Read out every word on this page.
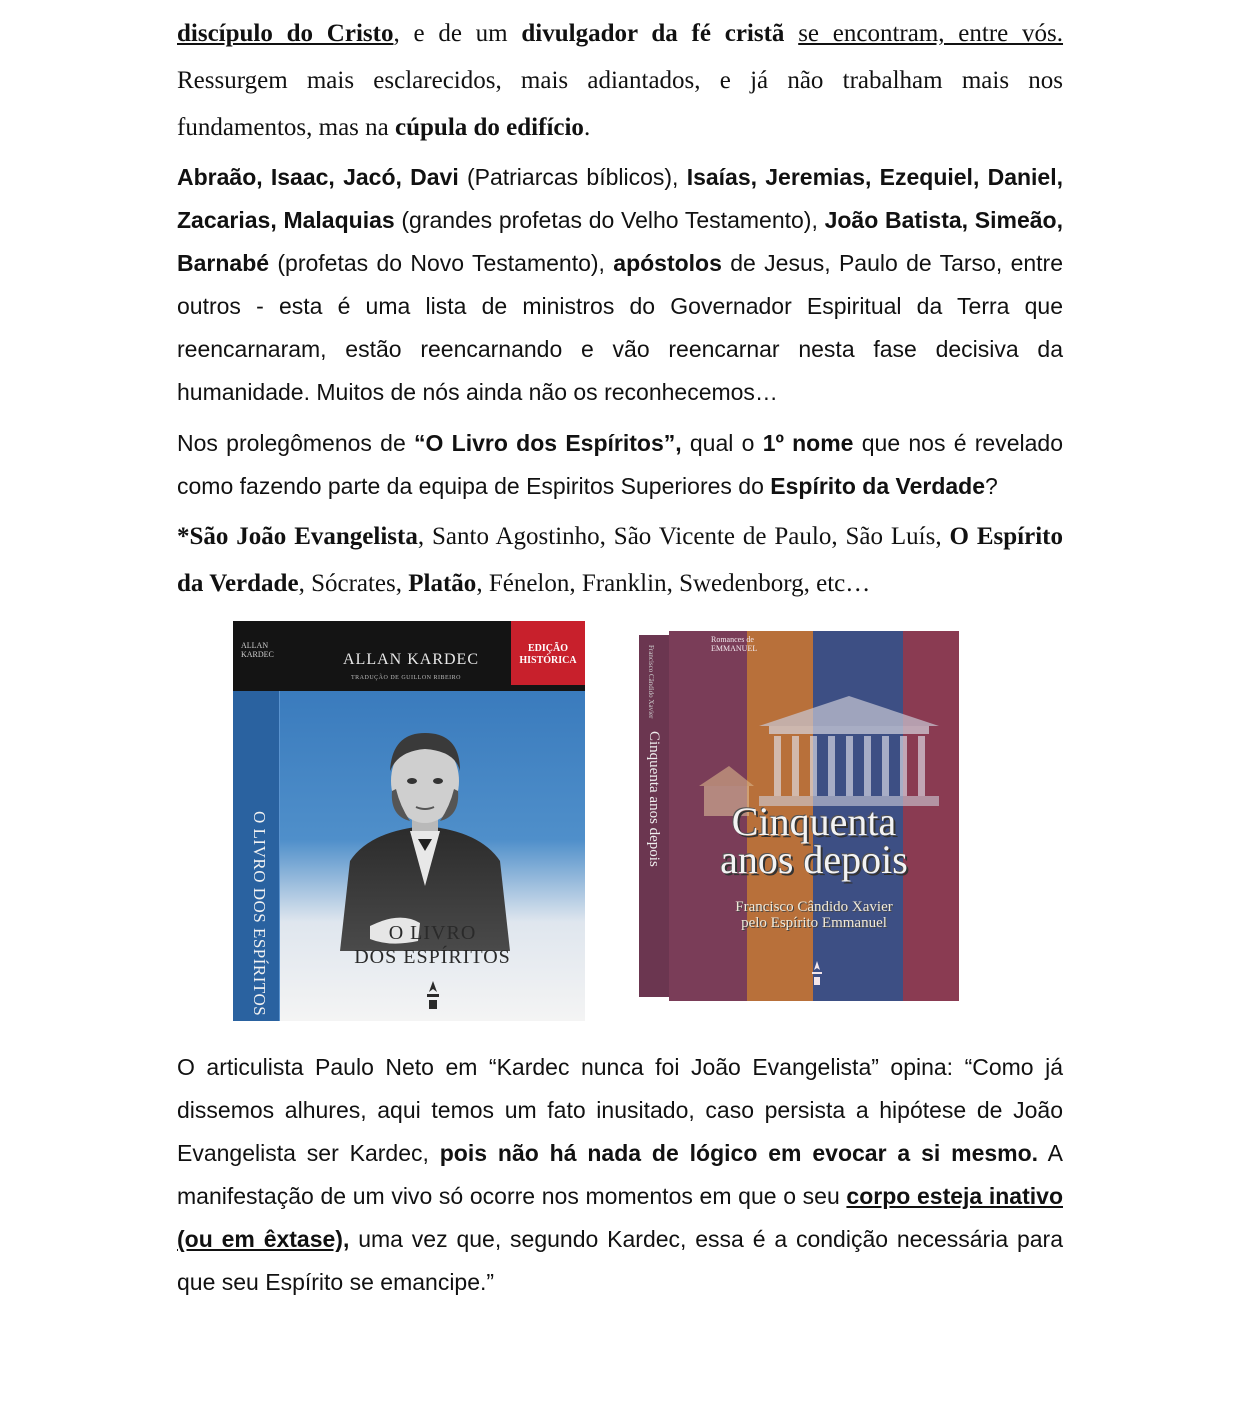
discípulo do Cristo, e de um divulgador da fé cristã se encontram, entre vós. Ressurgem mais esclarecidos, mais adiantados, e já não trabalham mais nos fundamentos, mas na cúpula do edifício.

Abraão, Isaac, Jacó, Davi (Patriarcas bíblicos), Isaías, Jeremias, Ezequiel, Daniel, Zacarias, Malaquias (grandes profetas do Velho Testamento), João Batista, Simeão, Barnabé (profetas do Novo Testamento), apóstolos de Jesus, Paulo de Tarso, entre outros - esta é uma lista de ministros do Governador Espiritual da Terra que reencarnaram, estão reencarnando e vão reencarnar nesta fase decisiva da humanidade. Muitos de nós ainda não os reconhecemos…

Nos prolegômenos de “O Livro dos Espíritos”, qual o 1º nome que nos é revelado como fazendo parte da equipa de Espiritos Superiores do Espírito da Verdade?

*São João Evangelista, Santo Agostinho, São Vicente de Paulo, São Luís, O Espírito da Verdade, Sócrates, Platão, Fénelon, Franklin, Swedenborg, etc…

ALLAN
KARDEC	ALLAN KARDEC
TRADUÇÃO DE GUILLON RIBEIRO
EDIÇÃO
HISTÓRICA
O LIVRO DOS ESPÍRITOS	O LIVRO
DOS ESPÍRITOS
Francisco Cândido Xavier
Cinquenta anos depois
Romances de
EMMANUEL
Cinquenta
anos depois
Francisco Cândido Xavier
pelo Espírito Emmanuel

O articulista Paulo Neto em “Kardec nunca foi João Evangelista” opina: “Como já dissemos alhures, aqui temos um fato inusitado, caso persista a hipótese de João Evangelista ser Kardec, pois não há nada de lógico em evocar a si mesmo. A manifestação de um vivo só ocorre nos momentos em que o seu corpo esteja inativo (ou em êxtase), uma vez que, segundo Kardec, essa é a condição necessária para que seu Espírito se emancipe.”
